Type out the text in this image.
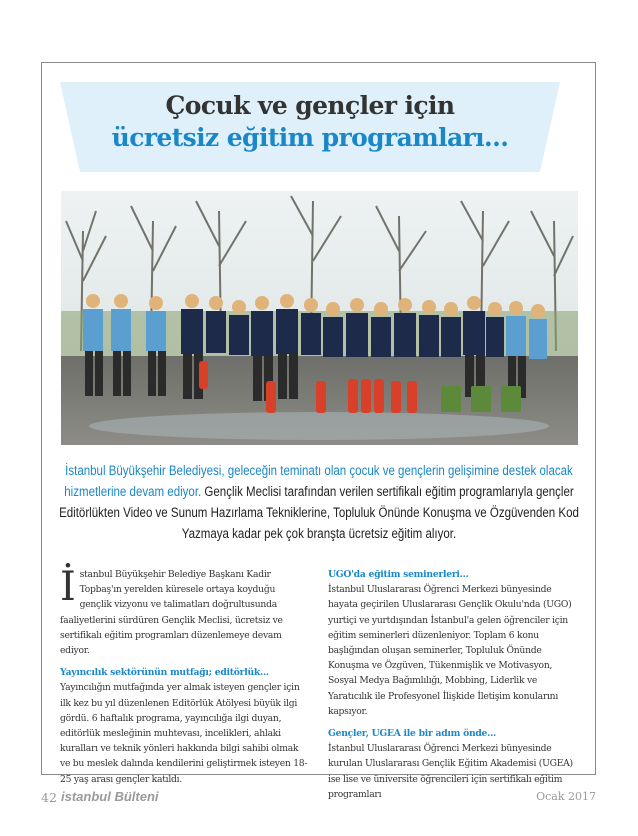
Çocuk ve gençler için
ücretsiz eğitim programları...

İstanbul Büyükşehir Belediyesi, geleceğin teminatı olan çocuk ve gençlerin gelişimine destek olacak hizmetlerine devam ediyor. Gençlik Meclisi tarafından verilen sertifikalı eğitim programlarıyla gençler Editörlükten Video ve Sunum Hazırlama Tekniklerine, Topluluk Önünde Konuşma ve Özgüvenden Kod Yazmaya kadar pek çok branşta ücretsiz eğitim alıyor.

İstanbul Büyükşehir Belediye Başkanı Kadir Topbaş'ın yerelden küresele ortaya koyduğu gençlik vizyonu ve talimatları doğrultusunda faaliyetlerini sürdüren Gençlik Meclisi, ücretsiz ve sertifikalı eğitim programları düzenlemeye devam ediyor.

Yayıncılık sektörünün mutfağı; editörlük...

Yayıncılığın mutfağında yer almak isteyen gençler için ilk kez bu yıl düzenlenen Editörlük Atölyesi büyük ilgi gördü. 6 haftalık programa, yayıncılığa ilgi duyan, editörlük mesleğinin muhtevası, incelikleri, ahlaki kuralları ve teknik yönleri hakkında bilgi sahibi olmak ve bu meslek dalında kendilerini geliştirmek isteyen 18-25 yaş arası gençler katıldı.

UGO'da eğitim seminerleri...

İstanbul Uluslararası Öğrenci Merkezi bünyesinde hayata geçirilen Uluslararası Gençlik Okulu'nda (UGO) yurtiçi ve yurtdışından İstanbul'a gelen öğrenciler için eğitim seminerleri düzenleniyor. Toplam 6 konu başlığından oluşan seminerler, Topluluk Önünde Konuşma ve Özgüven, Tükenmişlik ve Motivasyon, Sosyal Medya Bağımlılığı, Mobbing, Liderlik ve Yaratıcılık ile Profesyonel İlişkide İletişim konularını kapsıyor.

Gençler, UGEA ile bir adım önde...

İstanbul Uluslararası Öğrenci Merkezi bünyesinde kurulan Uluslararası Gençlik Eğitim Akademisi (UGEA) ise lise ve üniversite öğrencileri için sertifikalı eğitim programları

42 istanbul Bülteni	Ocak 2017
